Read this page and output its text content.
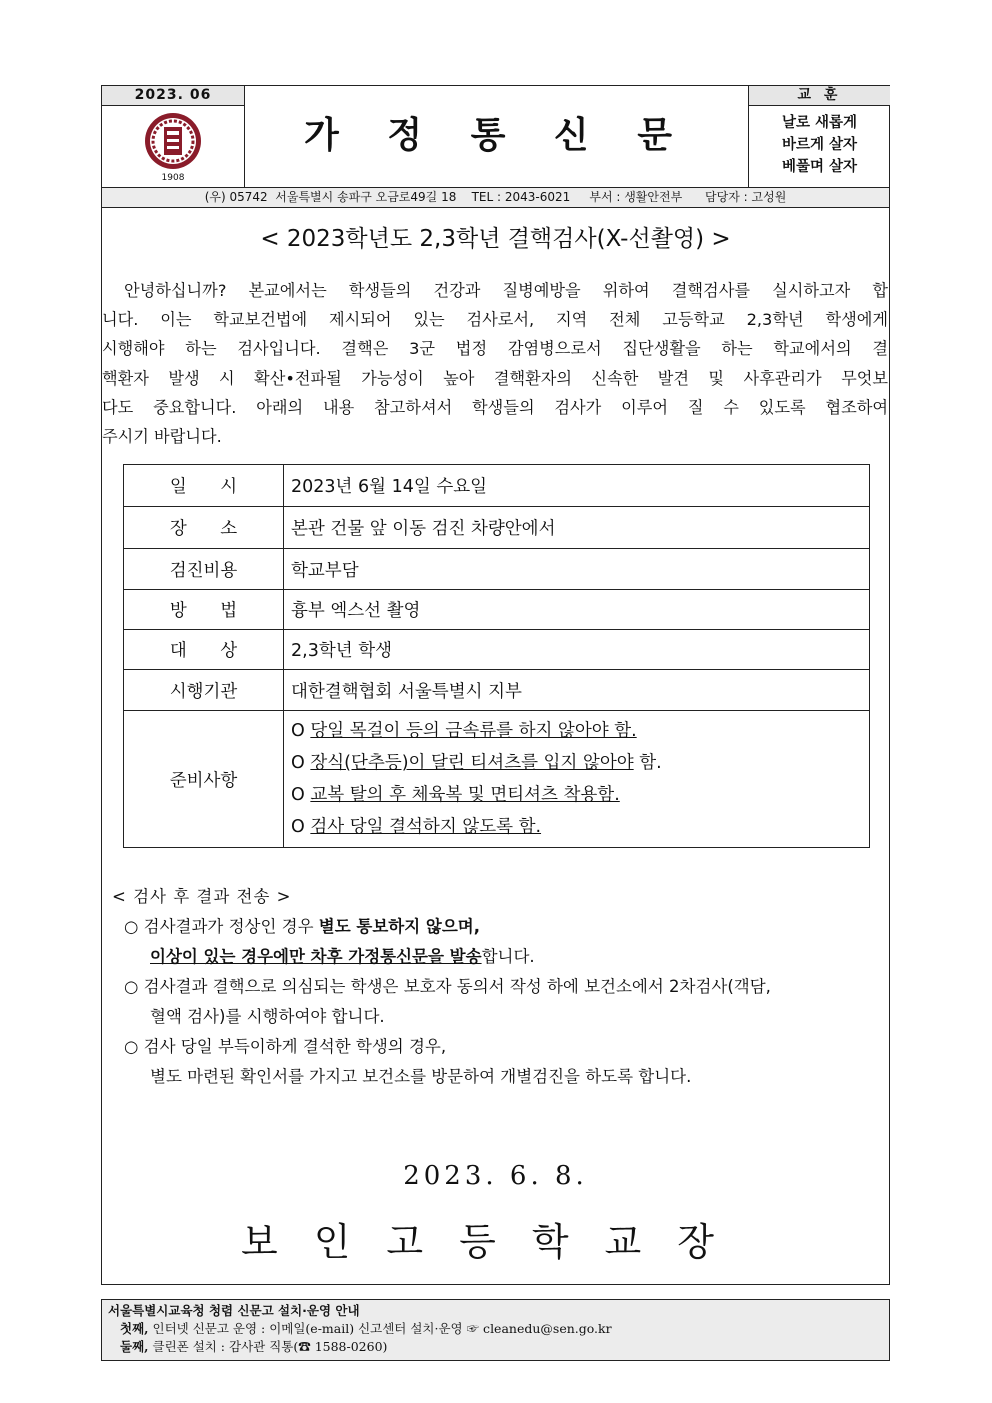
2023. 06
1908
가 정 통 신 문
교 훈
날로 새롭게
바르게 살자
베풀며 살자
(우) 05742  서울특별시 송파구 오금로49길 18    TEL : 2043-6021     부서 : 생활안전부      담당자 : 고성원
< 2023학년도 2,3학년 결핵검사(X-선촬영) >
안녕하십니까? 본교에서는 학생들의 건강과 질병예방을 위하여 결핵검사를 실시하고자 합
니다. 이는 학교보건법에 제시되어 있는 검사로서, 지역 전체 고등학교 2,3학년 학생에게
시행해야 하는 검사입니다. 결핵은 3군 법정 감염병으로서 집단생활을 하는 학교에서의 결
핵환자 발생 시 확산•전파될 가능성이 높아 결핵환자의 신속한 발견 및 사후관리가 무엇보
다도 중요합니다. 아래의 내용 참고하셔서 학생들의 검사가 이루어 질 수 있도록 협조하여
주시기 바랍니다.
일      시	2023년 6월 14일 수요일
장      소	본관 건물 앞 이동 검진 차량안에서
검진비용	학교부담
방      법	흉부 엑스선 촬영
대      상	2,3학년 학생
시행기관	대한결핵협회 서울특별시 지부
준비사항	O 당일 목걸이 등의 금속류를 하지 않아야 함.
O 장식(단추등)이 달린 티셔츠를 입지 않아야 함.
O 교복 탈의 후 체육복 및 면티셔츠 착용함.
O 검사 당일 결석하지 않도록 함.
< 검사 후 결과 전송 >
○ 검사결과가 정상인 경우 별도 통보하지 않으며,
이상이 있는 경우에만 차후 가정통신문을 발송합니다.
○ 검사결과 결핵으로 의심되는 학생은 보호자 동의서 작성 하에 보건소에서 2차검사(객담,
혈액 검사)를 시행하여야 합니다.
○ 검사 당일 부득이하게 결석한 학생의 경우,
별도 마련된 확인서를 가지고 보건소를 방문하여 개별검진을 하도록 합니다.
2023. 6. 8.
보인고등학교장
서울특별시교육청 청렴 신문고 설치·운영 안내
첫째, 인터넷 신문고 운영 : 이메일(e-mail) 신고센터 설치·운영 ☞ cleanedu@sen.go.kr
둘째, 클린폰 설치 : 감사관 직통(☎ 1588-0260)
